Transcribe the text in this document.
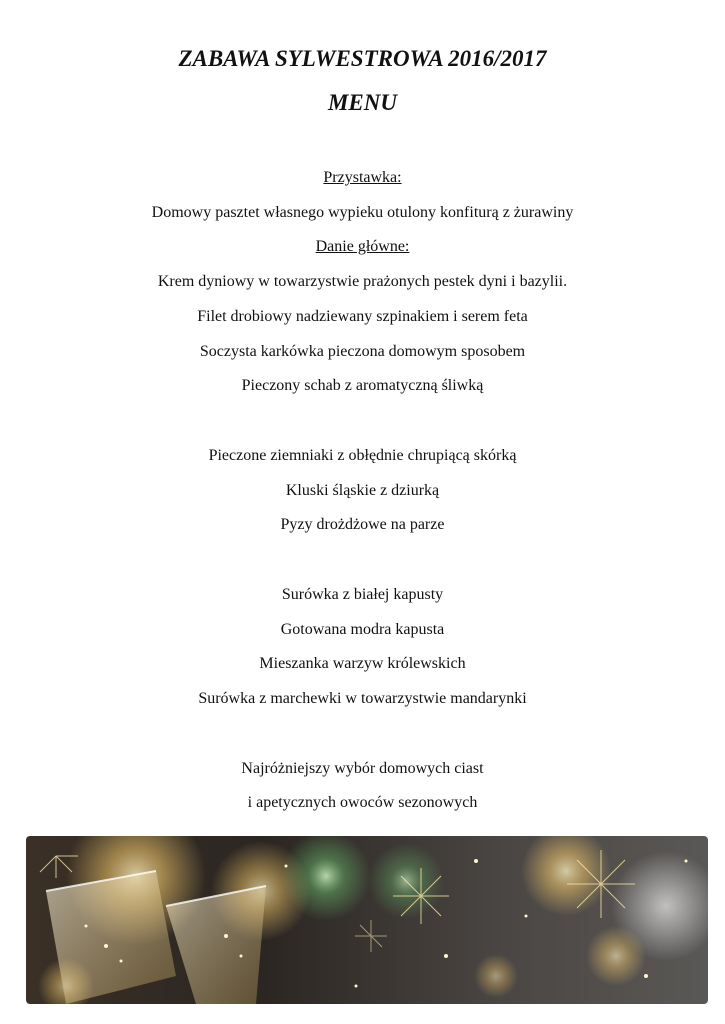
ZABAWA SYLWESTROWA 2016/2017
MENU

Przystawka:

Domowy pasztet własnego wypieku otulony konfiturą z żurawiny

Danie główne:

Krem dyniowy w towarzystwie prażonych pestek dyni i bazylii.

Filet drobiowy nadziewany szpinakiem i serem feta

Soczysta karkówka pieczona domowym sposobem

Pieczony schab z aromatyczną śliwką

Pieczone ziemniaki z obłędnie chrupiącą skórką

Kluski śląskie z dziurką

Pyzy drożdżowe na parze

Surówka z białej kapusty

Gotowana modra kapusta

Mieszanka warzyw królewskich

Surówka z marchewki w towarzystwie mandarynki

Najróżniejszy wybór domowych ciast

i apetycznych owoców sezonowych
